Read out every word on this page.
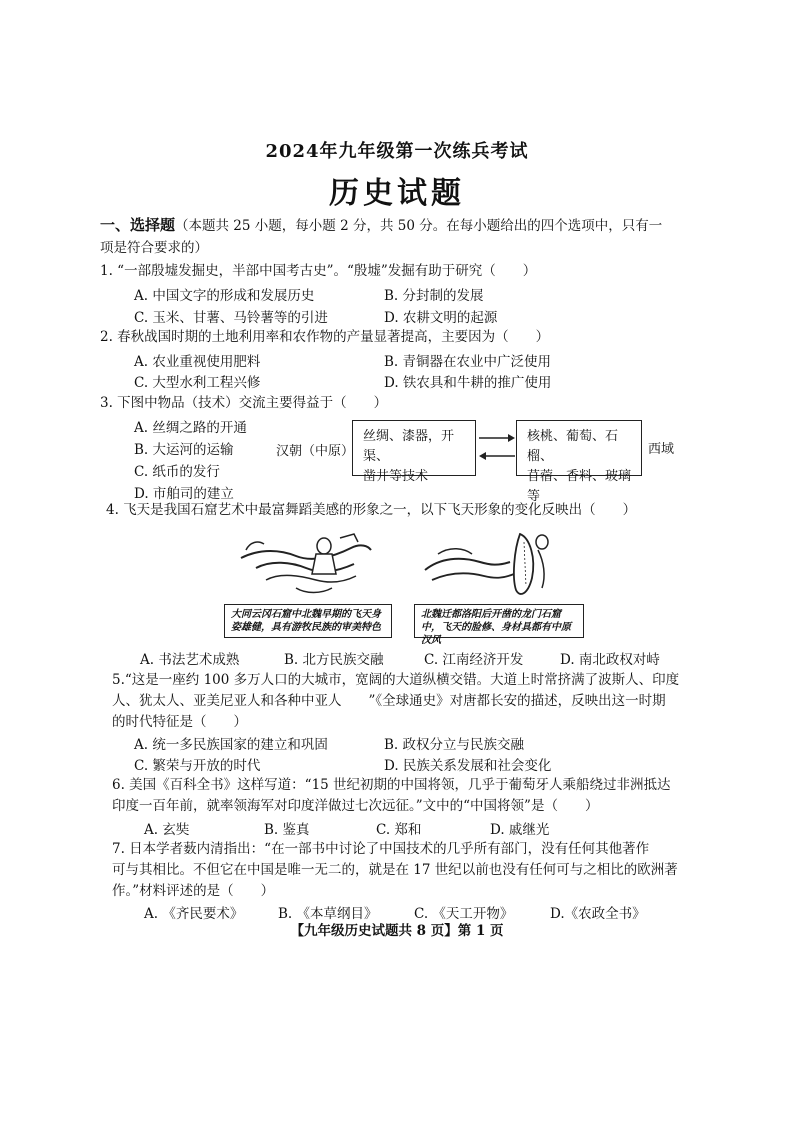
2024年九年级第一次练兵考试
历史试题
一、选择题（本题共 25 小题，每小题 2 分，共 50 分。在每小题给出的四个选项中，只有一
项是符合要求的）
1. “一部殷墟发掘史，半部中国考古史”。“殷墟”发掘有助于研究（　　）
A. 中国文字的形成和发展历史	B. 分封制的发展
C. 玉米、甘薯、马铃薯等的引进	D. 农耕文明的起源
2. 春秋战国时期的土地利用率和农作物的产量显著提高，主要因为（　　）
A. 农业重视使用肥料	B. 青铜器在农业中广泛使用
C. 大型水利工程兴修	D. 铁农具和牛耕的推广使用
3. 下图中物品（技术）交流主要得益于（　　）
A. 丝绸之路的开通
B. 大运河的运输
C. 纸币的发行
D. 市舶司的建立
汉朝（中原）
丝绸、漆器，开渠、
凿井等技术
核桃、葡萄、石榴、
苜蓿、香料、玻璃等
西域
4. 飞天是我国石窟艺术中最富舞蹈美感的形象之一，以下飞天形象的变化反映出（　　）
大同云冈石窟中北魏早期的飞天身姿雄健，具有游牧民族的审美特色
北魏迁都洛阳后开凿的龙门石窟中，飞天的脸修、身材具都有中原汉风
A. 书法艺术成熟	B. 北方民族交融	C. 江南经济开发	D. 南北政权对峙
5.“这是一座约 100 多万人口的大城市，宽阔的大道纵横交错。大道上时常挤满了波斯人、印度
人、犹太人、亚美尼亚人和各种中亚人　　”《全球通史》对唐都长安的描述，反映出这一时期
的时代特征是（　　）
A. 统一多民族国家的建立和巩固	B. 政权分立与民族交融
C. 繁荣与开放的时代	D. 民族关系发展和社会变化
6. 美国《百科全书》这样写道：“15 世纪初期的中国将领，几乎于葡萄牙人乘船绕过非洲抵达
印度一百年前，就率领海军对印度洋做过七次远征。”文中的“中国将领”是（　　）
A. 玄奘	B. 鉴真	C. 郑和	D. 戚继光
7. 日本学者薮内清指出：“在一部书中讨论了中国技术的几乎所有部门，没有任何其他著作
可与其相比。不但它在中国是唯一无二的，就是在 17 世纪以前也没有任何可与之相比的欧洲著
作。”材料评述的是（　　）
A. 《齐民要术》	B. 《本草纲目》	C. 《天工开物》	D.《农政全书》
【九年级历史试题共 8 页】第 1 页
